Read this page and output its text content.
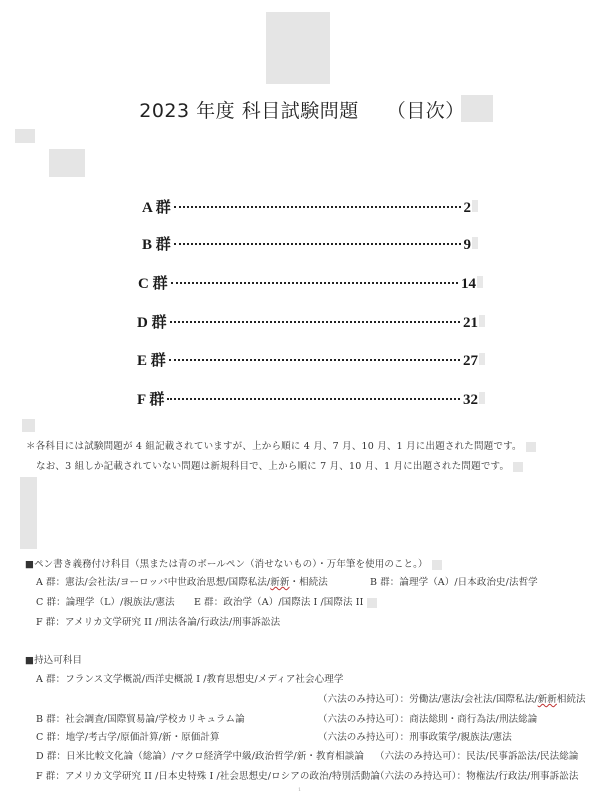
2023 年度 科目試験問題 （目次）
A 群	2
B 群	9
C 群	14
D 群	21
E 群	27
F 群	32
＊各科目には試験問題が 4 組記載されていますが、上から順に 4 月、7 月、10 月、1 月に出題された問題です。
なお、3 組しか記載されていない問題は新規科目で、上から順に 7 月、10 月、1 月に出題された問題です。
■ペン書き義務付け科目（黒または青のボールペン（消せないもの）・万年筆を使用のこと。）
A 群：憲法/会社法/ヨーロッパ中世政治思想/国際私法/新新・相続法	B 群：論理学（A）/日本政治史/法哲学
C 群：論理学（L）/親族法/憲法 E 群：政治学（A）/国際法 I /国際法 II
F 群：アメリカ文学研究 II /刑法各論/行政法/刑事訴訟法
■持込可科目
A 群：フランス文学概説/西洋史概説 I /教育思想史/メディア社会心理学
（六法のみ持込可）：労働法/憲法/会社法/国際私法/新新相続法
B 群：社会調査/国際貿易論/学校カリキュラム論	（六法のみ持込可）：商法総則・商行為法/刑法総論
C 群：地学/考古学/原価計算/新・原価計算	（六法のみ持込可）：刑事政策学/親族法/憲法
D 群：日米比較文化論（総論）/マクロ経済学中級/政治哲学/新・教育相談論 （六法のみ持込可）：民法/民事訴訟法/民法総論
F 群：アメリカ文学研究 II /日本史特殊 I /社会思想史/ロシアの政治/特別活動論
（六法のみ持込可）：物権法/行政法/刑事訴訟法
1
